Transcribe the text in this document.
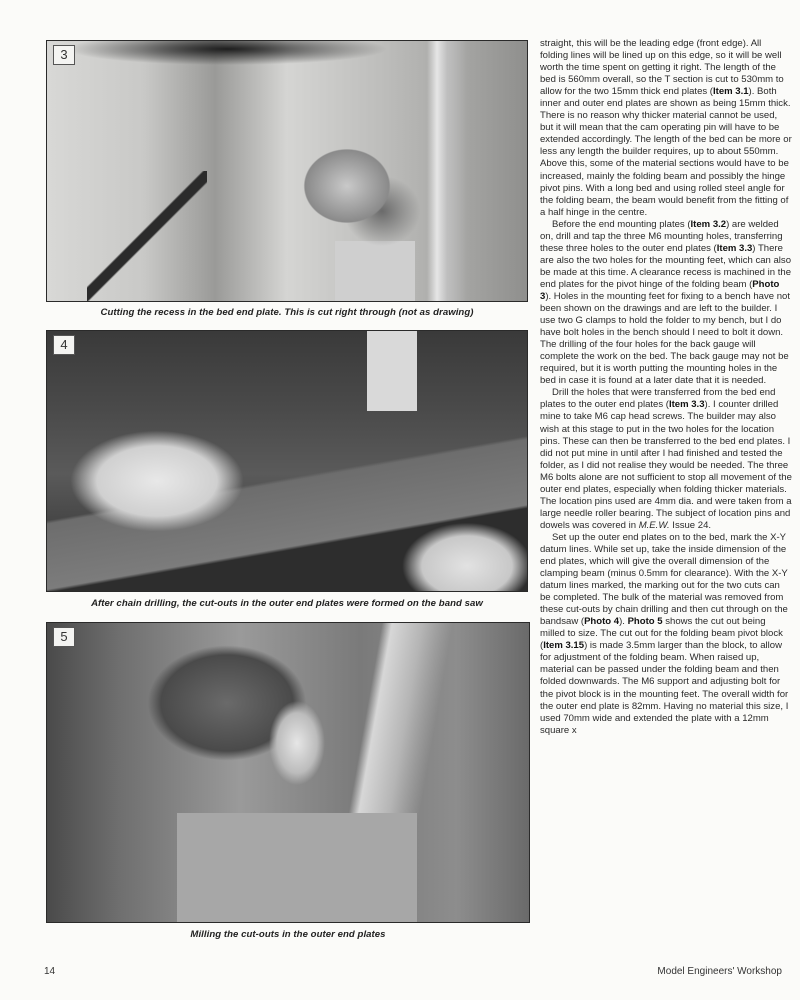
3
Cutting the recess in the bed end plate. This is cut right through (not as drawing)
4
After chain drilling, the cut-outs in the outer end plates were formed on the band saw
5
Milling the cut-outs in the outer end plates

straight, this will be the leading edge (front edge). All folding lines will be lined up on this edge, so it will be well worth the time spent on getting it right. The length of the bed is 560mm overall, so the T section is cut to 530mm to allow for the two 15mm thick end plates (Item 3.1). Both inner and outer end plates are shown as being 15mm thick. There is no reason why thicker material cannot be used, but it will mean that the cam operating pin will have to be extended accordingly. The length of the bed can be more or less any length the builder requires, up to about 550mm. Above this, some of the material sections would have to be increased, mainly the folding beam and possibly the hinge pivot pins. With a long bed and using rolled steel angle for the folding beam, the beam would benefit from the fitting of a half hinge in the centre.

Before the end mounting plates (Item 3.2) are welded on, drill and tap the three M6 mounting holes, transferring these three holes to the outer end plates (Item 3.3) There are also the two holes for the mounting feet, which can also be made at this time. A clearance recess is machined in the end plates for the pivot hinge of the folding beam (Photo 3). Holes in the mounting feet for fixing to a bench have not been shown on the drawings and are left to the builder. I use two G clamps to hold the folder to my bench, but I do have bolt holes in the bench should I need to bolt it down. The drilling of the four holes for the back gauge will complete the work on the bed. The back gauge may not be required, but it is worth putting the mounting holes in the bed in case it is found at a later date that it is needed.

Drill the holes that were transferred from the bed end plates to the outer end plates (Item 3.3). I counter drilled mine to take M6 cap head screws. The builder may also wish at this stage to put in the two holes for the location pins. These can then be transferred to the bed end plates. I did not put mine in until after I had finished and tested the folder, as I did not realise they would be needed. The three M6 bolts alone are not sufficient to stop all movement of the outer end plates, especially when folding thicker materials. The location pins used are 4mm dia. and were taken from a large needle roller bearing. The subject of location pins and dowels was covered in M.E.W. Issue 24.

Set up the outer end plates on to the bed, mark the X-Y datum lines. While set up, take the inside dimension of the end plates, which will give the overall dimension of the clamping beam (minus 0.5mm for clearance). With the X-Y datum lines marked, the marking out for the two cuts can be completed. The bulk of the material was removed from these cut-outs by chain drilling and then cut through on the bandsaw (Photo 4). Photo 5 shows the cut out being milled to size. The cut out for the folding beam pivot block (Item 3.15) is made 3.5mm larger than the block, to allow for adjustment of the folding beam. When raised up, material can be passed under the folding beam and then folded downwards. The M6 support and adjusting bolt for the pivot block is in the mounting feet. The overall width for the outer end plate is 82mm. Having no material this size, I used 70mm wide and extended the plate with a 12mm square x

14	Model Engineers' Workshop
